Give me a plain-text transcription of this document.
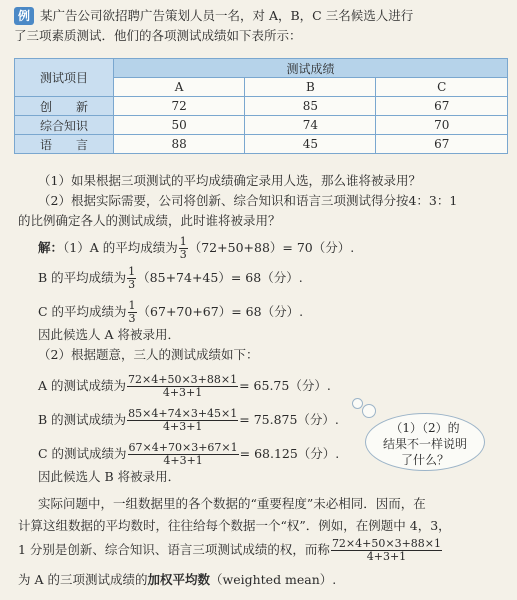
例 某广告公司欲招聘广告策划人员一名，对 A，B，C 三名候选人进行
了三项素质测试．他们的各项测试成绩如下表所示：
测试项目	测试成绩		
	A	B	C
创　　新	72	85	67
综合知识	50	74	70
语　　言	88	45	67
（1）如果根据三项测试的平均成绩确定录用人选，那么谁将被录用？
（2）根据实际需要，公司将创新、综合知识和语言三项测试得分按4：3：1
的比例确定各人的测试成绩，此时谁将被录用？
解：（1）A 的平均成绩为 $\frac{1}{3} (72+50+88)= 70$（分）.
B 的平均成绩为 $\frac{1}{3} (85+74+45)= 68$（分）.
C 的平均成绩为 $\frac{1}{3} (67+70+67)= 68$（分）.
因此候选人 A 将被录用．
（2）根据题意，三人的测试成绩如下：
A 的测试成绩为 $\frac{72\times 4+50\times 3+88\times 1}{4+3+1} = 65.75$（分）.
B 的测试成绩为 $\frac{85\times 4+74\times 3+45\times 1}{4+3+1} = 75.875$（分）.
C 的测试成绩为 $\frac{67\times 4+70\times 3+67\times 1}{4+3+1} = 68.125$（分）.
因此候选人 B 将被录用．
（1）（2）的
结果不一样说明
了什么？
实际问题中，一组数据里的各个数据的“重要程度”未必相同．因而，在
计算这组数据的平均数时，往往给每个数据一个“权”．例如，在例题中 4，3，
1 分别是创新、综合知识、语言三项测试成绩的权，而称 $\frac{72\times 4+50\times 3+88\times 1}{4+3+1}$
为 A 的三项测试成绩的加权平均数（weighted mean）.
